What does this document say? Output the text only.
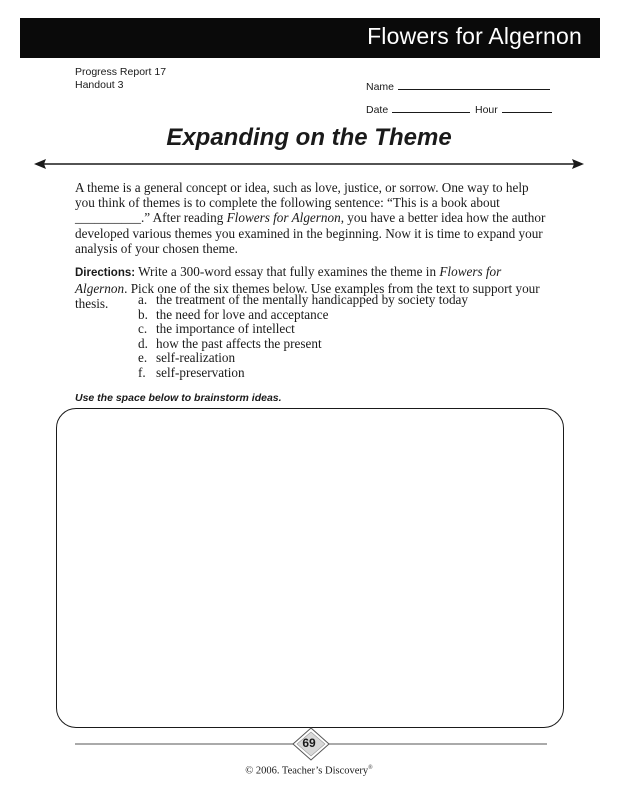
Flowers for Algernon
Progress Report 17
Handout 3	Name
Date	Hour
Expanding on the Theme
A theme is a general concept or idea, such as love, justice, or sorrow. One way to help you think of themes is to complete the following sentence: “This is a book about __________.” After reading Flowers for Algernon, you have a better idea how the author developed various themes you examined in the beginning. Now it is time to expand your analysis of your chosen theme.
Directions: Write a 300-word essay that fully examines the theme in Flowers for Algernon. Pick one of the six themes below. Use examples from the text to support your thesis.	a. the treatment of the mentally handicapped by society today
b. the need for love and acceptance
c. the importance of intellect
d. how the past affects the present
e. self-realization
f. self-preservation
Use the space below to brainstorm ideas.
69
© 2006. Teacher’s Discovery®
